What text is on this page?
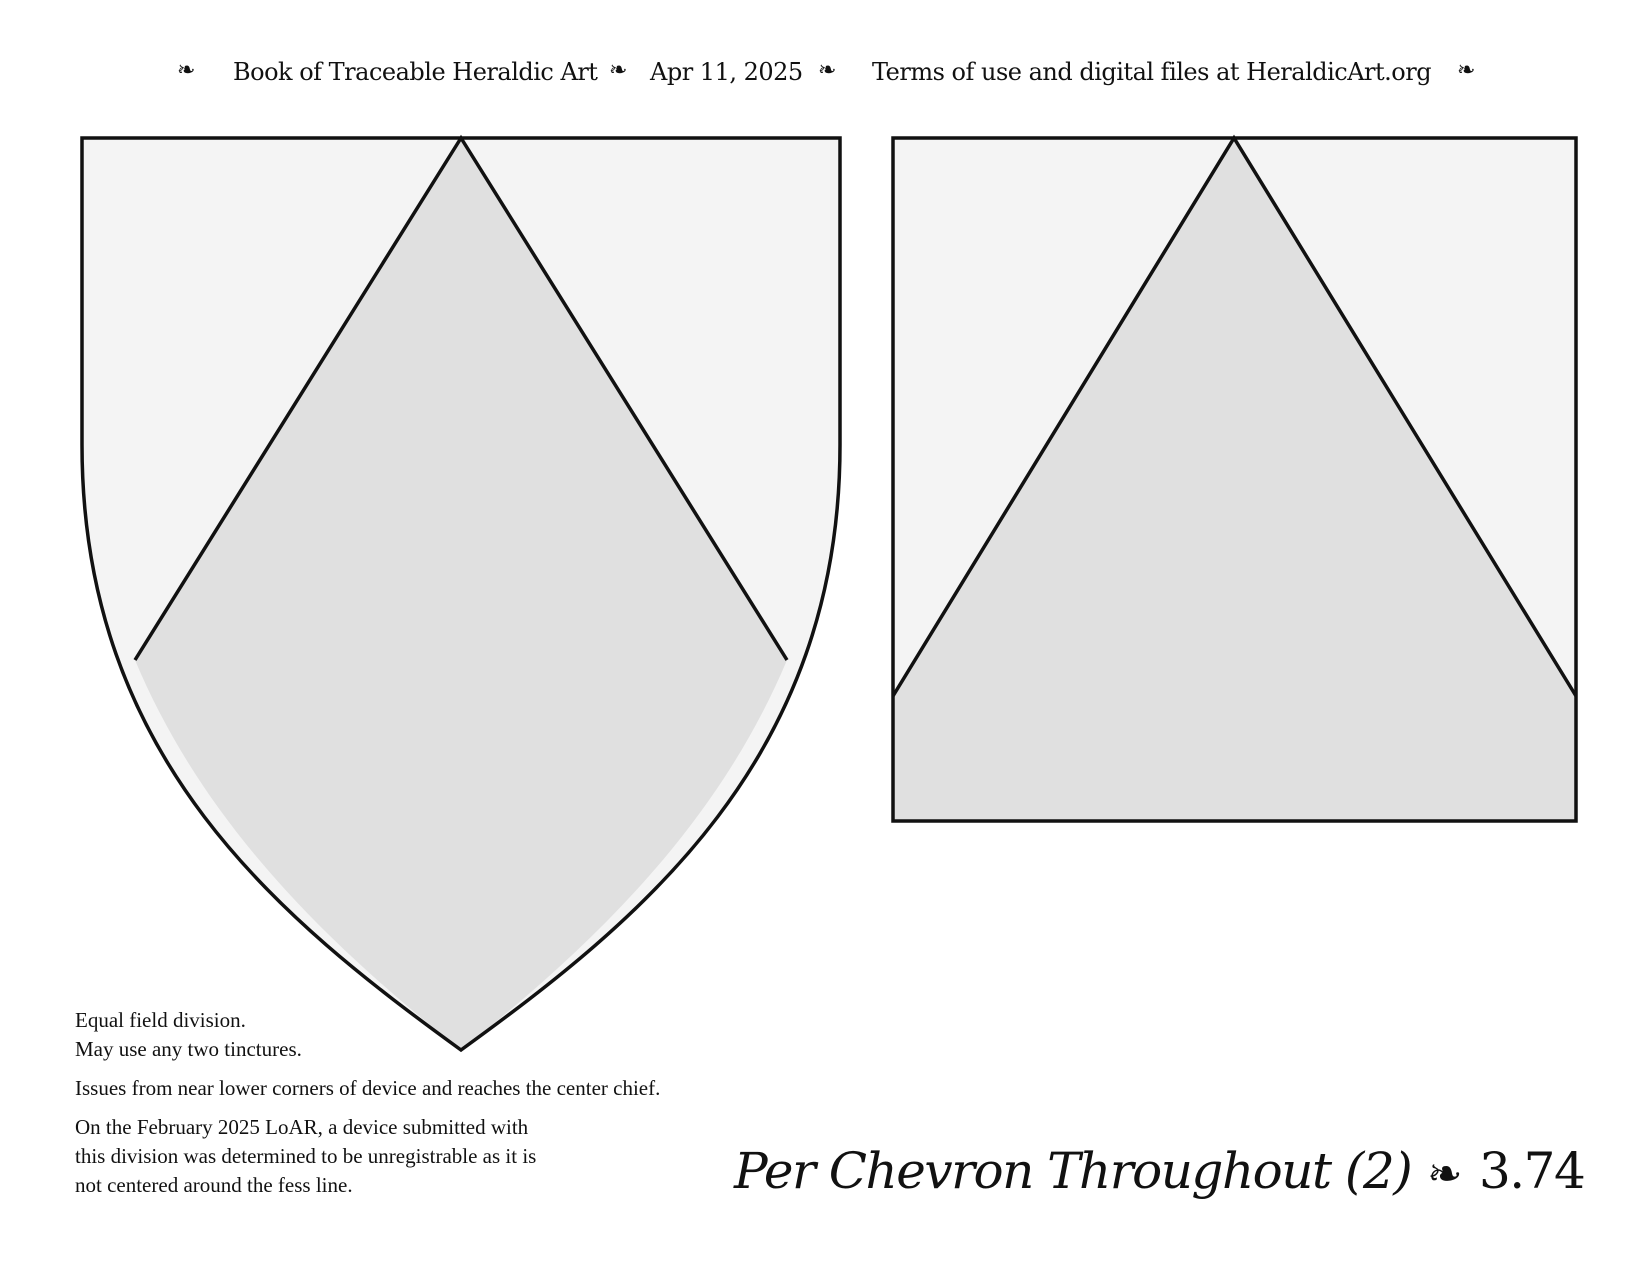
❧ Book of Traceable Heraldic Art ❧ Apr 11, 2025 ❧ Terms of use and digital files at HeraldicArt.org ❧

Equal field division.
May use any two tinctures.

Issues from near lower corners of device and reaches the center chief.

On the February 2025 LoAR, a device submitted with
this division was determined to be unregistrable as it is
not centered around the fess line.	Per Chevron Throughout (2) ❧ 3.74
